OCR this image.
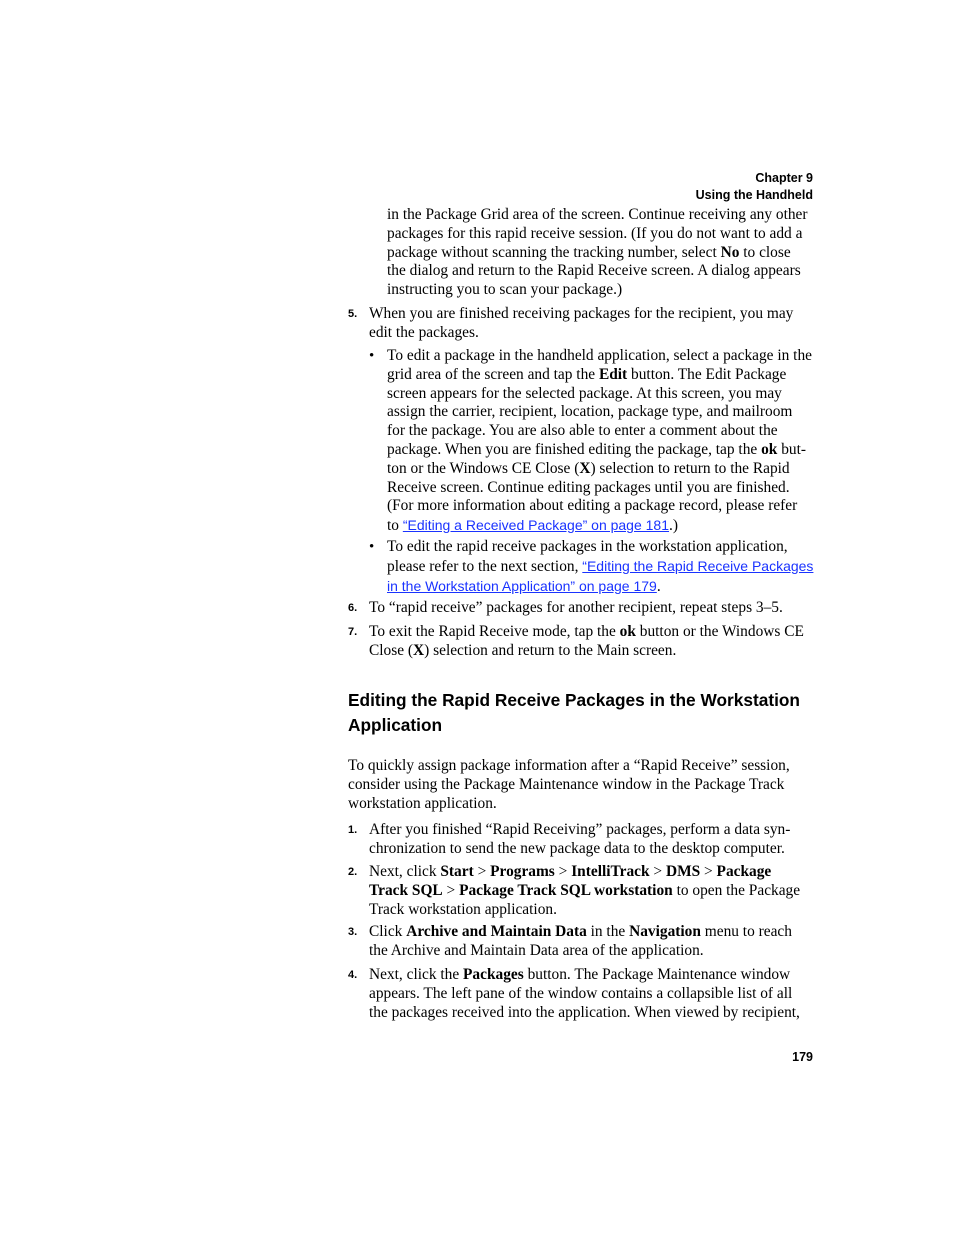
Chapter 9
Using the Handheld
in the Package Grid area of the screen. Continue receiving any other
packages for this rapid receive session. (If you do not want to add a
package without scanning the tracking number, select No to close
the dialog and return to the Rapid Receive screen. A dialog appears
instructing you to scan your package.)
5. When you are finished receiving packages for the recipient, you may
edit the packages.
• To edit a package in the handheld application, select a package in the
grid area of the screen and tap the Edit button. The Edit Package
screen appears for the selected package. At this screen, you may
assign the carrier, recipient, location, package type, and mailroom
for the package. You are also able to enter a comment about the
package. When you are finished editing the package, tap the ok but-
ton or the Windows CE Close (X) selection to return to the Rapid
Receive screen. Continue editing packages until you are finished.
(For more information about editing a package record, please refer
to “Editing a Received Package” on page 181.)
• To edit the rapid receive packages in the workstation application,
please refer to the next section, “Editing the Rapid Receive Packages
in the Workstation Application” on page 179.
6. To “rapid receive” packages for another recipient, repeat steps 3–5.
7. To exit the Rapid Receive mode, tap the ok button or the Windows CE
Close (X) selection and return to the Main screen.
Editing the Rapid Receive Packages in the Workstation
Application
To quickly assign package information after a “Rapid Receive” session,
consider using the Package Maintenance window in the Package Track
workstation application.
1. After you finished “Rapid Receiving” packages, perform a data syn-
chronization to send the new package data to the desktop computer.
2. Next, click Start > Programs > IntelliTrack > DMS > Package
Track SQL > Package Track SQL workstation to open the Package
Track workstation application.
3. Click Archive and Maintain Data in the Navigation menu to reach
the Archive and Maintain Data area of the application.
4. Next, click the Packages button. The Package Maintenance window
appears. The left pane of the window contains a collapsible list of all
the packages received into the application. When viewed by recipient,
179
